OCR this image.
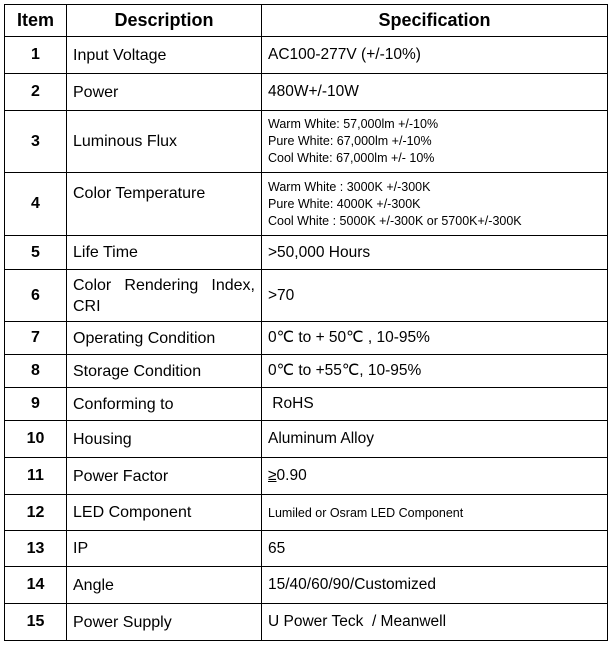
Item	Description	Specification
1	Input Voltage	AC100-277V (+/-10%)

2	Power	480W+/-10W

3	Luminous Flux	Warm White: 57,000lm +/-10%
Pure White: 67,000lm +/-10%
Cool White: 67,000lm +/- 10%

4	Color Temperature	Warm White : 3000K +/-300K
Pure White: 4000K +/-300K
Cool White : 5000K +/-300K or 5700K+/-300K

5	Life Time	>50,000 Hours

6	Color Rendering Index, CRI	>70

7	Operating Condition	0℃ to + 50℃ , 10-95%

8	Storage Condition	0℃ to +55℃, 10-95%

9	Conforming to	RoHS

10	Housing	Aluminum Alloy

11	Power Factor	≥0.90

12	LED Component	Lumiled or Osram LED Component

13	IP	65

14	Angle	15/40/60/90/Customized

15	Power Supply	U Power Teck  / Meanwell
